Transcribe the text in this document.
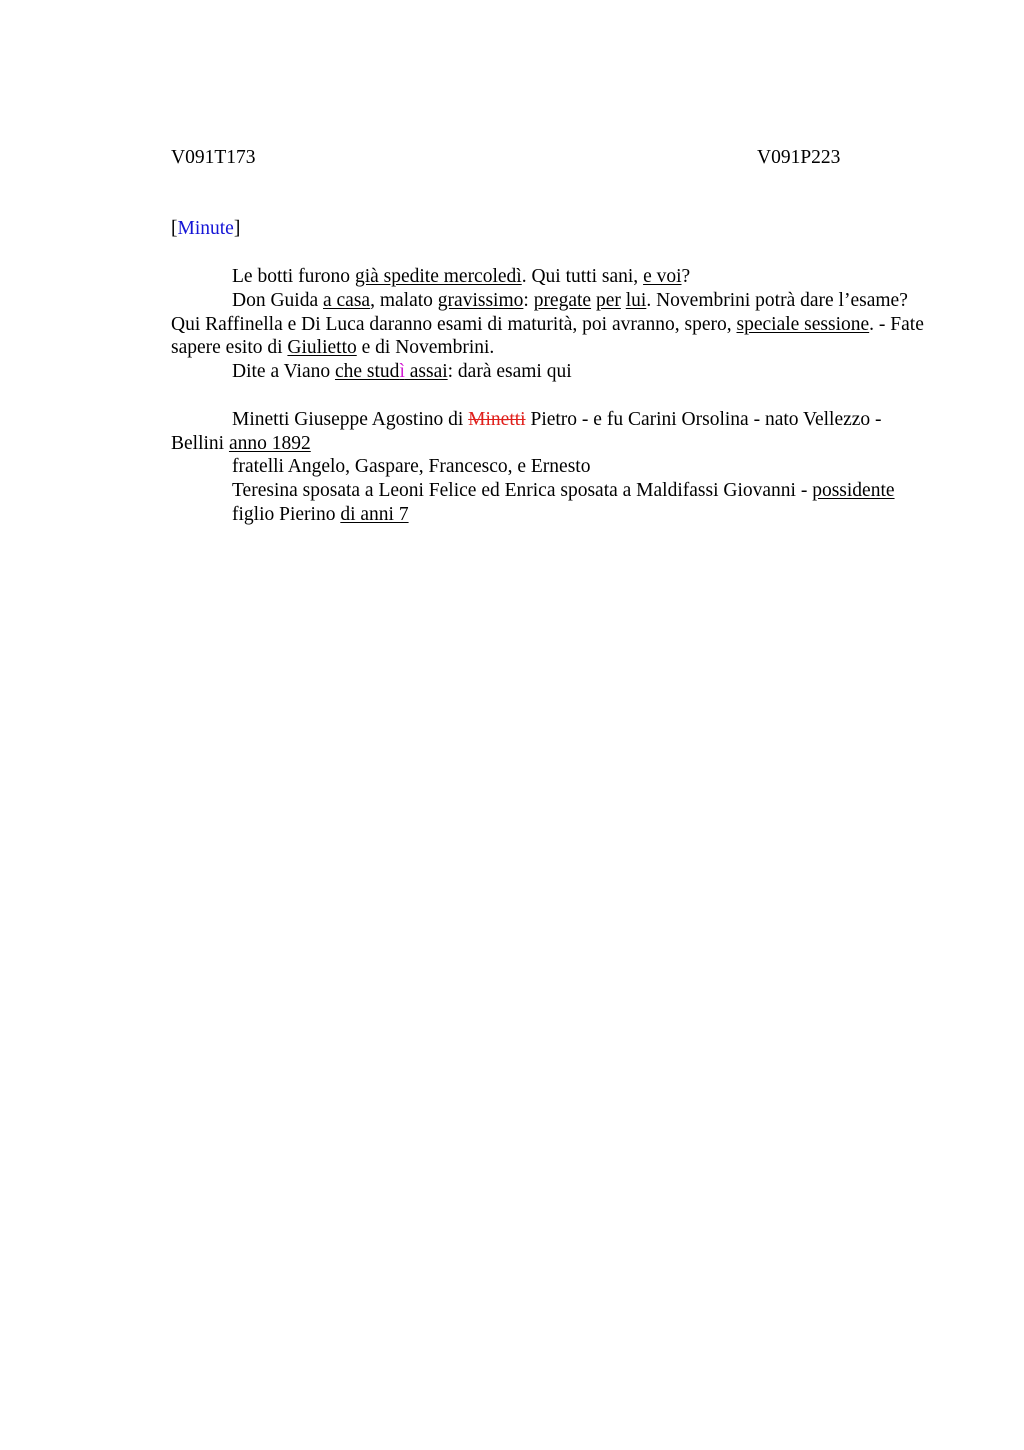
V091T173	V091P223
[Minute]

Le botti furono già spedite mercoledì. Qui tutti sani, e voi?

Don Guida a casa, malato gravissimo: pregate per lui. Novembrini potrà dare l’esame? Qui Raffinella e Di Luca daranno esami di maturità, poi avranno, spero, speciale sessione. - Fate sapere esito di Giulietto e di Novembrini.

Dite a Viano che studì assai: darà esami qui

Minetti Giuseppe Agostino di Minetti Pietro - e fu Carini Orsolina - nato Vellezzo - Bellini anno 1892

fratelli Angelo, Gaspare, Francesco, e Ernesto

Teresina sposata a Leoni Felice ed Enrica sposata a Maldifassi Giovanni - possidente

figlio Pierino di anni 7
